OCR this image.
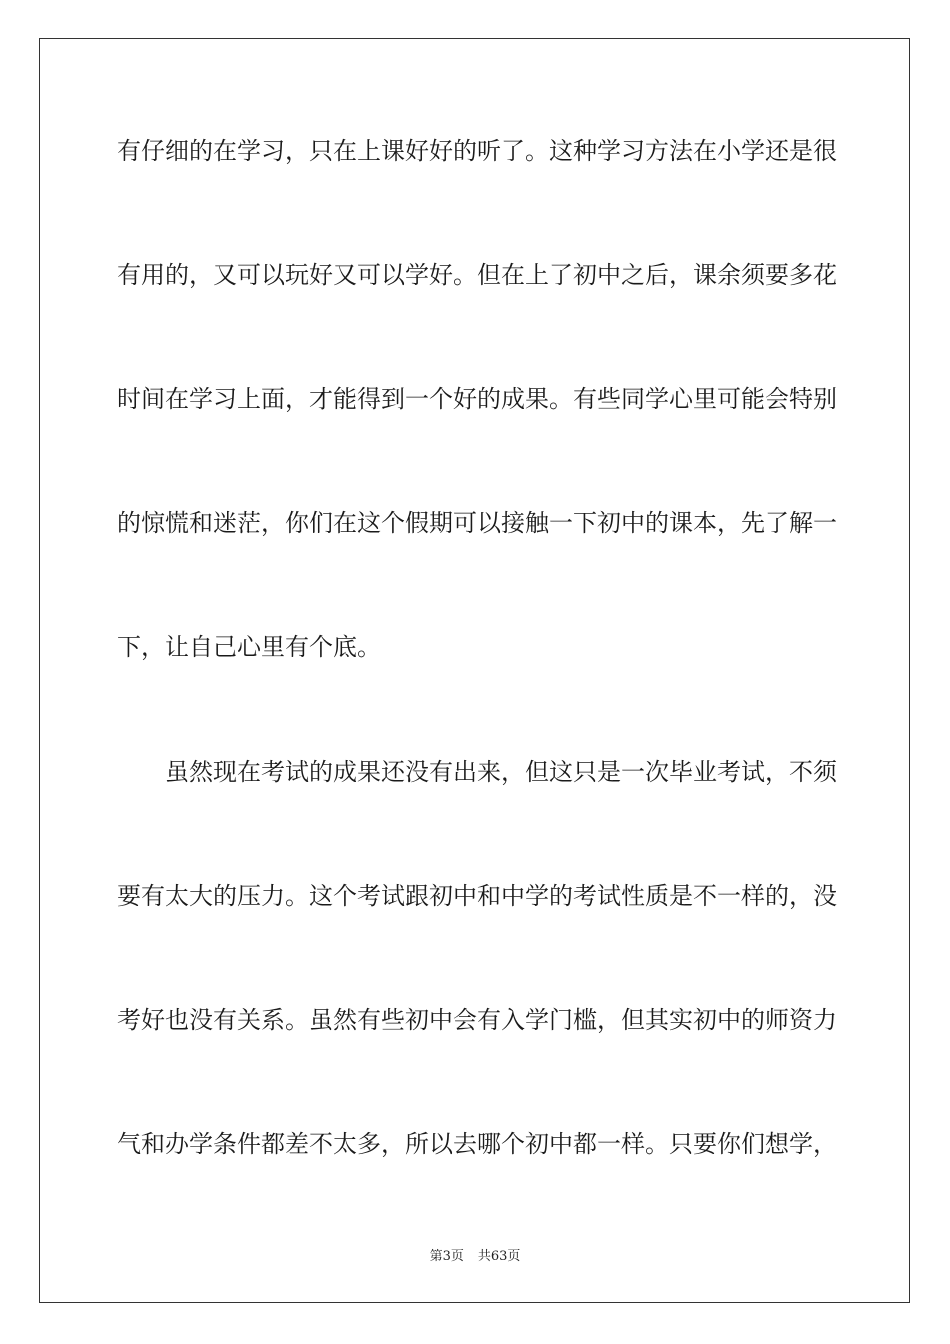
有仔细的在学习，只在上课好好的听了。这种学习方法在小学还是很
有用的，又可以玩好又可以学好。但在上了初中之后，课余须要多花
时间在学习上面，才能得到一个好的成果。有些同学心里可能会特别
的惊慌和迷茫，你们在这个假期可以接触一下初中的课本，先了解一
下，让自己心里有个底。
虽然现在考试的成果还没有出来，但这只是一次毕业考试，不须
要有太大的压力。这个考试跟初中和中学的考试性质是不一样的，没
考好也没有关系。虽然有些初中会有入学门槛，但其实初中的师资力
气和办学条件都差不太多，所以去哪个初中都一样。只要你们想学，
第3页 共63页
